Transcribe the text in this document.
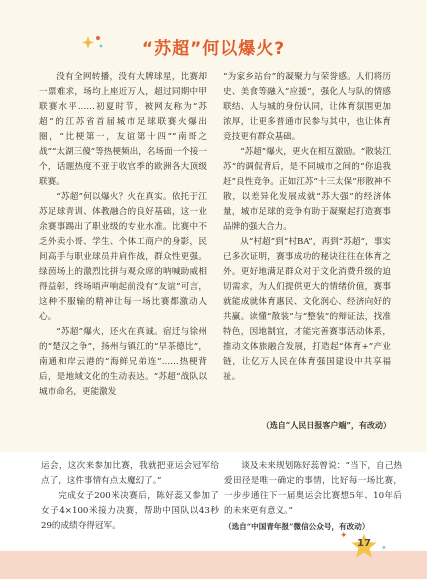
“苏超”何以爆火?

没有全网转播，没有大牌球星，比赛却一票难求，场均上座近万人，超过同期中甲联赛水平……初夏时节，被网友称为“苏超”的江苏省首届城市足球联赛火爆出圈，“比梗第一，友谊第十四”“南哥之战”“太湖三傻”等热梗频出，名场面一个接一个，话题热度不亚于收官季的欧洲各大顶级联赛。

“苏超”何以爆火？火在真实。依托于江苏足球青训、体教融合的良好基础，这一业余赛事踢出了职业级的专业水准。比赛中不乏外卖小哥、学生、个体工商户的身影，民间高手与职业球员并肩作战，群众性更强。绿茵场上的激烈比拼与观众席的呐喊助威相得益彰，终场哨声响起前没有“友谊”可言，这种不服输的精神让每一场比赛都激动人心。

“苏超”爆火，还火在真诚。宿迁与徐州的“楚汉之争”，扬州与镇江的“早茶德比”，南通和岸云港的“海鲜兄弟连”……热梗背后，是地域文化的生动表达。“苏超”战队以城市命名，更能激发

“为家乡站台”的凝聚力与荣誉感。人们将历史、美食等融入“应援”，强化人与队的情感联结、人与城的身份认同，让体育氛围更加浓厚，让更多普通市民参与其中，也让体育竞技更有群众基础。

“苏超”爆火，更火在相互激励。“散装江苏”的调侃背后，是不同城市之间的“你追我赶”良性竞争。正如江苏“十三太保”形散神不散，以差异化发展成就“苏大强”的经济体量，城市足球的竞争有助于凝聚起打造赛事品牌的强大合力。

从“村超”到“村BA”，再到“苏超”，事实已多次证明，赛事成功的秘诀往往在体育之外。更好地满足群众对于文化消费升级的迫切需求，为人们提供更大的情绪价值，赛事就能成就体育惠民、文化润心、经济向好的共赢。读懂“散装”与“整装”的辩证法，找准特色，因地制宜，才能完善赛事活动体系，推动文体旅融合发展，打造起“体育+”产业链，让亿万人民在体育强国建设中共享福祉。

（选自“人民日报客户端”，有改动）

运会，这次来参加比赛，我就把亚运会冠军给点了，这件事情有点太魔幻了。”

完成女子200米决赛后，陈好蕊又参加了女子4×100米接力决赛，帮助中国队以43秒29的成绩夺得冠军。

谈及未来规划陈好蕊曾说：“当下，自己热爱田径是唯一确定的事情，比好每一场比赛，一步步通往下一届奥运会比赛想5年、10年后的未来更有意义。”

（选自“中国青年报”微信公众号，有改动）

✦
✦
17
